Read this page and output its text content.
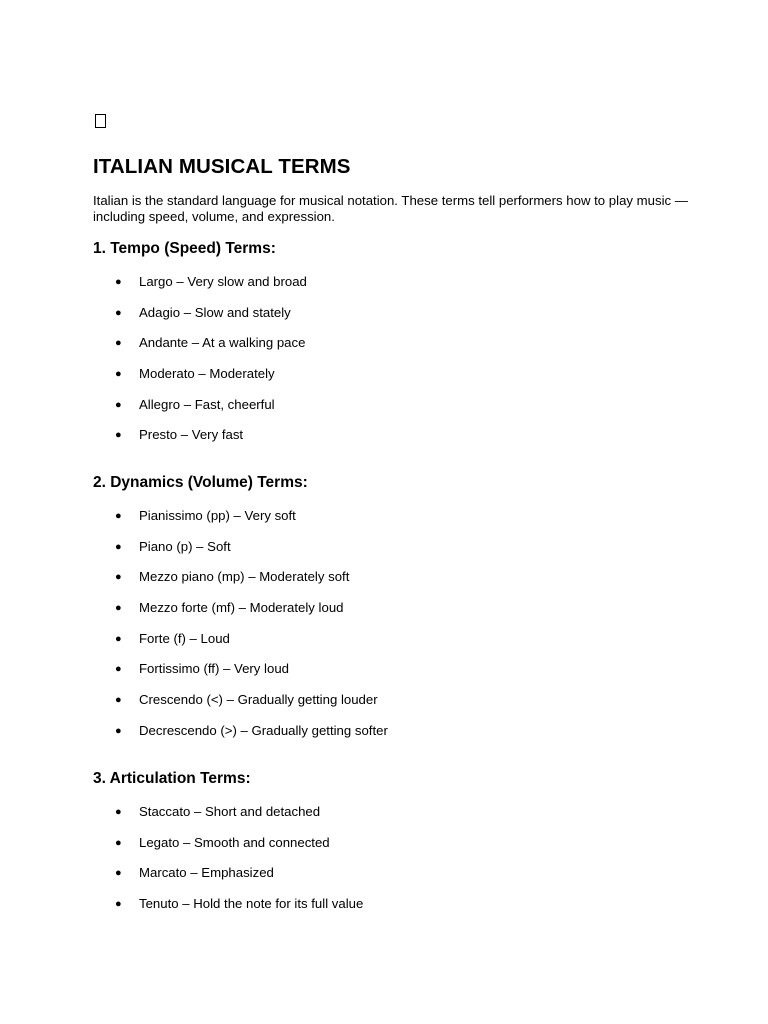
ITALIAN MUSICAL TERMS

Italian is the standard language for musical notation. These terms tell performers how to play music — including speed, volume, and expression.

1. Tempo (Speed) Terms:
● Largo – Very slow and broad
● Adagio – Slow and stately
● Andante – At a walking pace
● Moderato – Moderately
● Allegro – Fast, cheerful
● Presto – Very fast
2. Dynamics (Volume) Terms:
● Pianissimo (pp) – Very soft
● Piano (p) – Soft
● Mezzo piano (mp) – Moderately soft
● Mezzo forte (mf) – Moderately loud
● Forte (f) – Loud
● Fortissimo (ff) – Very loud
● Crescendo (<) – Gradually getting louder
● Decrescendo (>) – Gradually getting softer
3. Articulation Terms:
● Staccato – Short and detached
● Legato – Smooth and connected
● Marcato – Emphasized
● Tenuto – Hold the note for its full value
